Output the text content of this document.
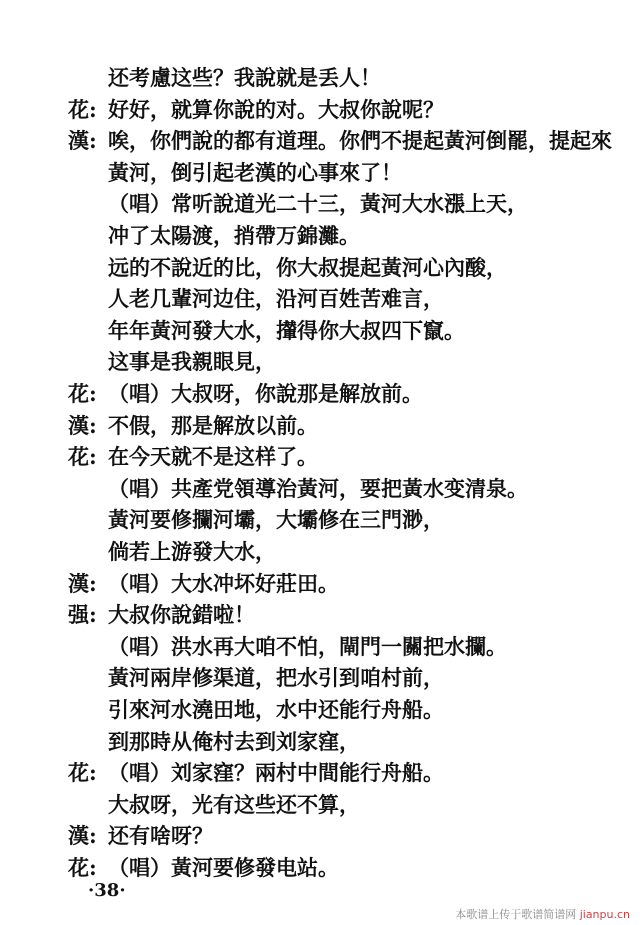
还考慮这些？我說就是丢人！
花: 好好，就算你說的对。大叔你說呢？
漢: 唉，你們說的都有道理。你們不提起黃河倒罷，提起來
黃河，倒引起老漢的心事來了！
（唱）常听說道光二十三，黃河大水漲上天，
冲了太陽渡，捎帶万錦灘。
远的不說近的比，你大叔提起黃河心內酸，
人老几輩河边住，沿河百姓苦难言，
年年黃河發大水，攆得你大叔四下竄。
这事是我親眼見，
花: （唱）大叔呀，你說那是解放前。
漢: 不假，那是解放以前。
花: 在今天就不是这样了。
（唱）共產党領導治黃河，要把黃水变清泉。
黃河要修攔河壩，大壩修在三門渺，
倘若上游發大水，
漢: （唱）大水冲坏好莊田。
强: 大叔你說錯啦！
（唱）洪水再大咱不怕，閘門一關把水攔。
黃河兩岸修渠道，把水引到咱村前，
引來河水澆田地，水中还能行舟船。
到那時从俺村去到刘家窪，
花: （唱）刘家窪？兩村中間能行舟船。
大叔呀，光有这些还不算，
漢: 还有啥呀？
花: （唱）黃河要修發电站。
·38·
本歌谱上传于歌谱简谱网 jianpu.cn
